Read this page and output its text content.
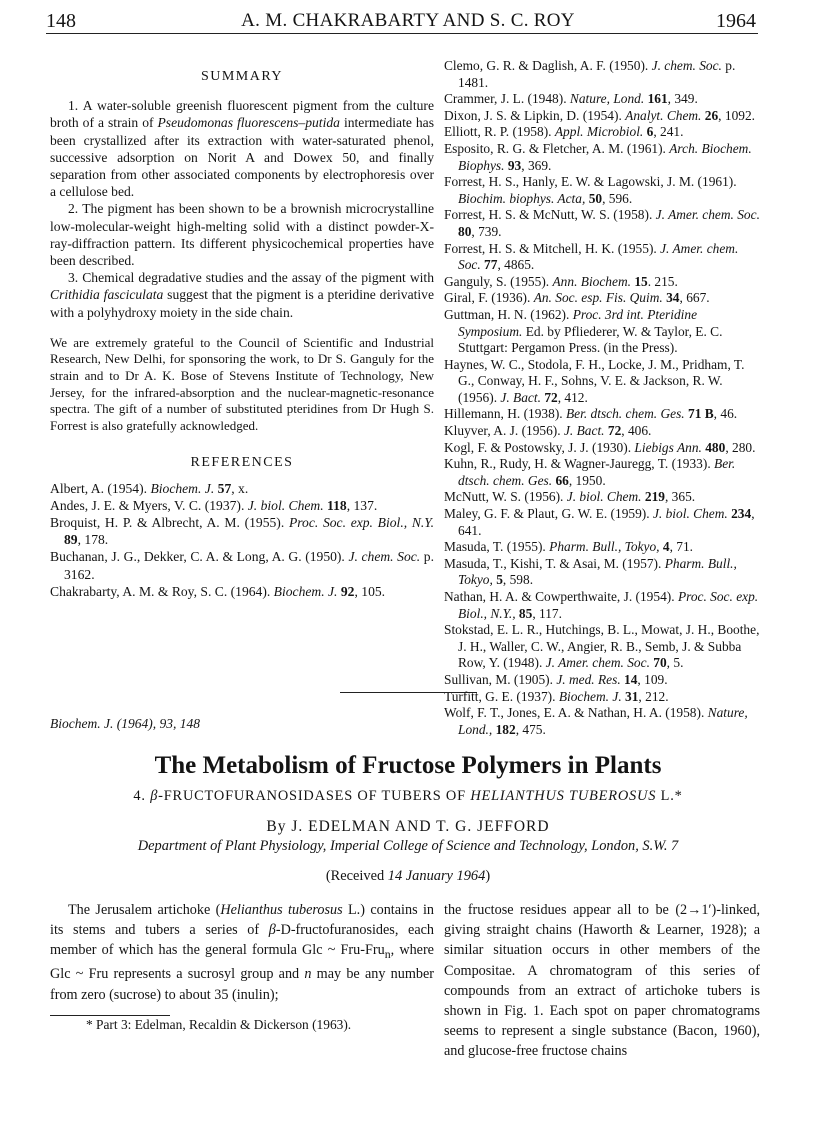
148	A. M. CHAKRABARTY AND S. C. ROY	1964
SUMMARY

1. A water-soluble greenish fluorescent pigment from the culture broth of a strain of Pseudomonas fluorescens–putida intermediate has been crystallized after its extraction with water-saturated phenol, successive adsorption on Norit A and Dowex 50, and finally separation from other associated components by electrophoresis over a cellulose bed.

2. The pigment has been shown to be a brownish microcrystalline low-molecular-weight high-melting solid with a distinct powder-X-ray-diffraction pattern. Its different physicochemical properties have been described.

3. Chemical degradative studies and the assay of the pigment with Crithidia fasciculata suggest that the pigment is a pteridine derivative with a polyhydroxy moiety in the side chain.

We are extremely grateful to the Council of Scientific and Industrial Research, New Delhi, for sponsoring the work, to Dr S. Ganguly for the strain and to Dr A. K. Bose of Stevens Institute of Technology, New Jersey, for the infrared-absorption and the nuclear-magnetic-resonance spectra. The gift of a number of substituted pteridines from Dr Hugh S. Forrest is also gratefully acknowledged.

REFERENCES

Albert, A. (1954). Biochem. J. 57, x.

Andes, J. E. & Myers, V. C. (1937). J. biol. Chem. 118, 137.

Broquist, H. P. & Albrecht, A. M. (1955). Proc. Soc. exp. Biol., N.Y. 89, 178.

Buchanan, J. G., Dekker, C. A. & Long, A. G. (1950). J. chem. Soc. p. 3162.

Chakrabarty, A. M. & Roy, S. C. (1964). Biochem. J. 92, 105.

Clemo, G. R. & Daglish, A. F. (1950). J. chem. Soc. p. 1481.

Crammer, J. L. (1948). Nature, Lond. 161, 349.

Dixon, J. S. & Lipkin, D. (1954). Analyt. Chem. 26, 1092.

Elliott, R. P. (1958). Appl. Microbiol. 6, 241.

Esposito, R. G. & Fletcher, A. M. (1961). Arch. Biochem. Biophys. 93, 369.

Forrest, H. S., Hanly, E. W. & Lagowski, J. M. (1961). Biochim. biophys. Acta, 50, 596.

Forrest, H. S. & McNutt, W. S. (1958). J. Amer. chem. Soc. 80, 739.

Forrest, H. S. & Mitchell, H. K. (1955). J. Amer. chem. Soc. 77, 4865.

Ganguly, S. (1955). Ann. Biochem. 15. 215.

Giral, F. (1936). An. Soc. esp. Fis. Quim. 34, 667.

Guttman, H. N. (1962). Proc. 3rd int. Pteridine Symposium. Ed. by Pfliederer, W. & Taylor, E. C. Stuttgart: Pergamon Press. (in the Press).

Haynes, W. C., Stodola, F. H., Locke, J. M., Pridham, T. G., Conway, H. F., Sohns, V. E. & Jackson, R. W. (1956). J. Bact. 72, 412.

Hillemann, H. (1938). Ber. dtsch. chem. Ges. 71 B, 46.

Kluyver, A. J. (1956). J. Bact. 72, 406.

Kogl, F. & Postowsky, J. J. (1930). Liebigs Ann. 480, 280.

Kuhn, R., Rudy, H. & Wagner-Jauregg, T. (1933). Ber. dtsch. chem. Ges. 66, 1950.

McNutt, W. S. (1956). J. biol. Chem. 219, 365.

Maley, G. F. & Plaut, G. W. E. (1959). J. biol. Chem. 234, 641.

Masuda, T. (1955). Pharm. Bull., Tokyo, 4, 71.

Masuda, T., Kishi, T. & Asai, M. (1957). Pharm. Bull., Tokyo, 5, 598.

Nathan, H. A. & Cowperthwaite, J. (1954). Proc. Soc. exp. Biol., N.Y., 85, 117.

Stokstad, E. L. R., Hutchings, B. L., Mowat, J. H., Boothe, J. H., Waller, C. W., Angier, R. B., Semb, J. & Subba Row, Y. (1948). J. Amer. chem. Soc. 70, 5.

Sullivan, M. (1905). J. med. Res. 14, 109.

Turfitt, G. E. (1937). Biochem. J. 31, 212.

Wolf, F. T., Jones, E. A. & Nathan, H. A. (1958). Nature, Lond., 182, 475.

Biochem. J. (1964), 93, 148
The Metabolism of Fructose Polymers in Plants
4. β-FRUCTOFURANOSIDASES OF TUBERS OF HELIANTHUS TUBEROSUS L.*
By J. EDELMAN AND T. G. JEFFORD
Department of Plant Physiology, Imperial College of Science and Technology, London, S.W. 7
(Received 14 January 1964)
The Jerusalem artichoke (Helianthus tuberosus L.) contains in its stems and tubers a series of β-D-fructofuranosides, each member of which has the general formula Glc ~ Fru-Fru$_n$, where Glc ~ Fru represents a sucrosyl group and n may be any number from zero (sucrose) to about 35 (inulin);
the fructose residues appear all to be (2→1′)-linked, giving straight chains (Haworth & Learner, 1928); a similar situation occurs in other members of the Compositae. A chromatogram of this series of compounds from an extract of artichoke tubers is shown in Fig. 1. Each spot on paper chromatograms seems to represent a single substance (Bacon, 1960), and glucose-free fructose chains
* Part 3: Edelman, Recaldin & Dickerson (1963).
